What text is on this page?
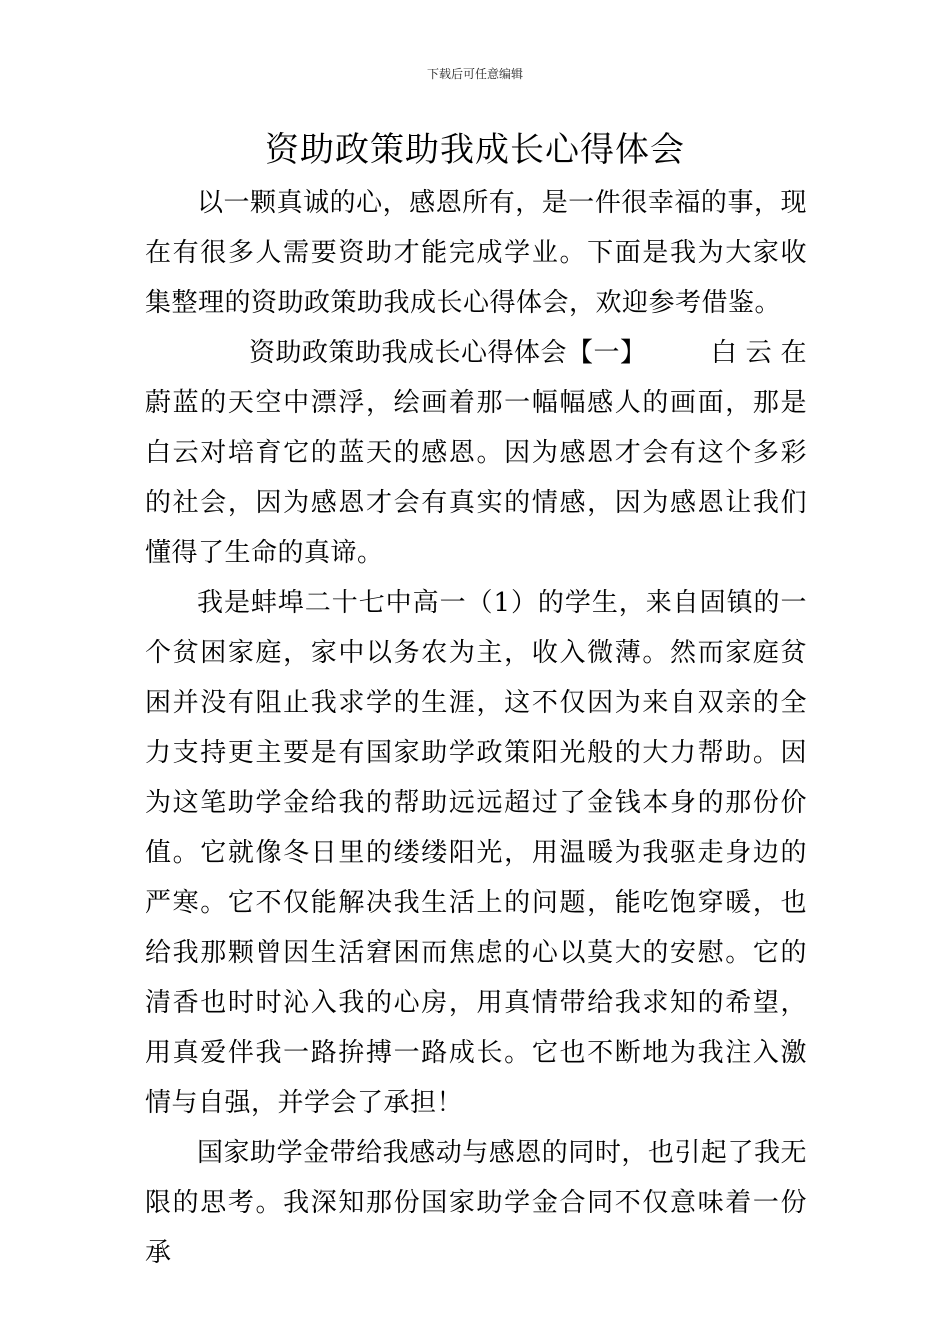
下载后可任意编辑
资助政策助我成长心得体会

以一颗真诚的心，感恩所有，是一件很幸福的事，现在有很多人需要资助才能完成学业。下面是我为大家收集整理的资助政策助我成长心得体会，欢迎参考借鉴。

资助政策助我成长心得体会【一】 白云在蔚蓝的天空中漂浮，绘画着那一幅幅感人的画面，那是白云对培育它的蓝天的感恩。因为感恩才会有这个多彩的社会，因为感恩才会有真实的情感，因为感恩让我们懂得了生命的真谛。

我是蚌埠二十七中高一（1）的学生，来自固镇的一个贫困家庭，家中以务农为主，收入微薄。然而家庭贫困并没有阻止我求学的生涯，这不仅因为来自双亲的全力支持更主要是有国家助学政策阳光般的大力帮助。因为这笔助学金给我的帮助远远超过了金钱本身的那份价值。它就像冬日里的缕缕阳光，用温暖为我驱走身边的严寒。它不仅能解决我生活上的问题，能吃饱穿暖，也给我那颗曾因生活窘困而焦虑的心以莫大的安慰。它的清香也时时沁入我的心房，用真情带给我求知的希望，用真爱伴我一路拚搏一路成长。它也不断地为我注入激情与自强，并学会了承担！

国家助学金带给我感动与感恩的同时，也引起了我无限的思考。我深知那份国家助学金合同不仅意味着一份承
